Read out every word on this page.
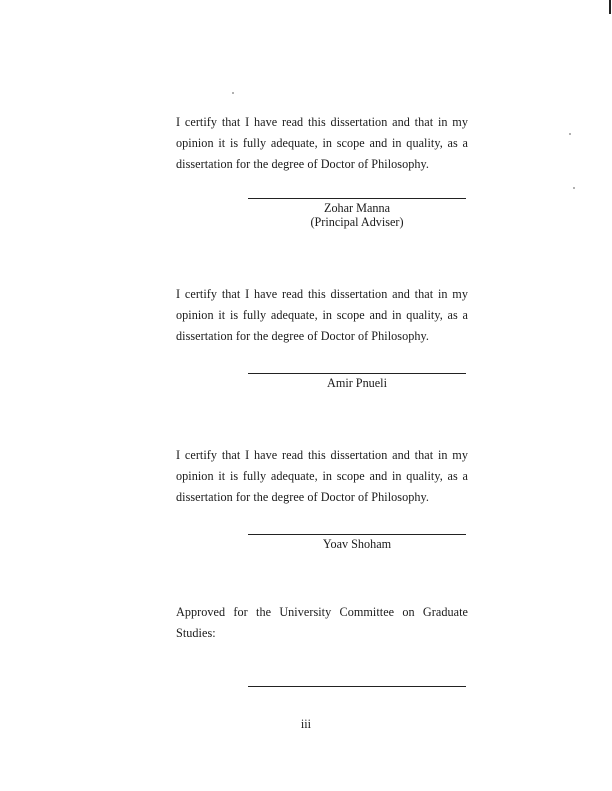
I certify that I have read this dissertation and that in my opinion it is fully adequate, in scope and in quality, as a dissertation for the degree of Doctor of Philosophy.

Zohar Manna
(Principal Adviser)

I certify that I have read this dissertation and that in my opinion it is fully adequate, in scope and in quality, as a dissertation for the degree of Doctor of Philosophy.

Amir Pnueli

I certify that I have read this dissertation and that in my opinion it is fully adequate, in scope and in quality, as a dissertation for the degree of Doctor of Philosophy.

Yoav Shoham

Approved for the University Committee on Graduate Studies:

iii
